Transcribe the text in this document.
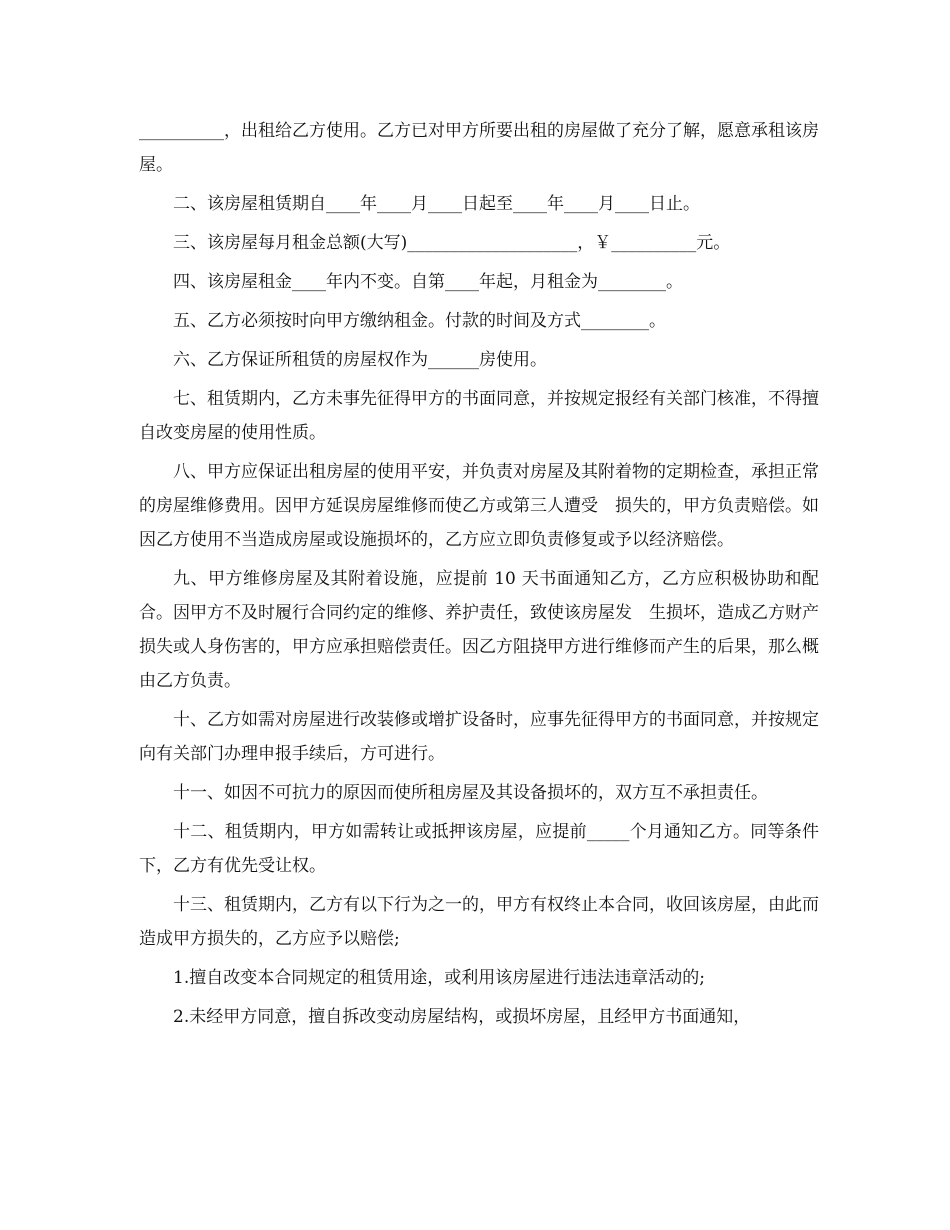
__________，出租给乙方使用。乙方已对甲方所要出租的房屋做了充分了解，愿意承租该房屋。

二、该房屋租赁期自____年____月____日起至____年____月____日止。

三、该房屋每月租金总额(大写)____________________，￥__________元。

四、该房屋租金____年内不变。自第____年起，月租金为________。

五、乙方必须按时向甲方缴纳租金。付款的时间及方式________。

六、乙方保证所租赁的房屋权作为______房使用。

七、租赁期内，乙方未事先征得甲方的书面同意，并按规定报经有关部门核准，不得擅自改变房屋的使用性质。

八、甲方应保证出租房屋的使用平安，并负责对房屋及其附着物的定期检查，承担正常的房屋维修费用。因甲方延误房屋维修而使乙方或第三人遭受　损失的，甲方负责赔偿。如因乙方使用不当造成房屋或设施损坏的，乙方应立即负责修复或予以经济赔偿。

九、甲方维修房屋及其附着设施，应提前 10 天书面通知乙方，乙方应积极协助和配合。因甲方不及时履行合同约定的维修、养护责任，致使该房屋发　生损坏，造成乙方财产损失或人身伤害的，甲方应承担赔偿责任。因乙方阻挠甲方进行维修而产生的后果，那么概由乙方负责。

十、乙方如需对房屋进行改装修或增扩设备时，应事先征得甲方的书面同意，并按规定向有关部门办理申报手续后，方可进行。

十一、如因不可抗力的原因而使所租房屋及其设备损坏的，双方互不承担责任。

十二、租赁期内，甲方如需转让或抵押该房屋，应提前_____个月通知乙方。同等条件下，乙方有优先受让权。

十三、租赁期内，乙方有以下行为之一的，甲方有权终止本合同，收回该房屋，由此而造成甲方损失的，乙方应予以赔偿;

1.擅自改变本合同规定的租赁用途，或利用该房屋进行违法违章活动的;

2.未经甲方同意，擅自拆改变动房屋结构，或损坏房屋，且经甲方书面通知，
